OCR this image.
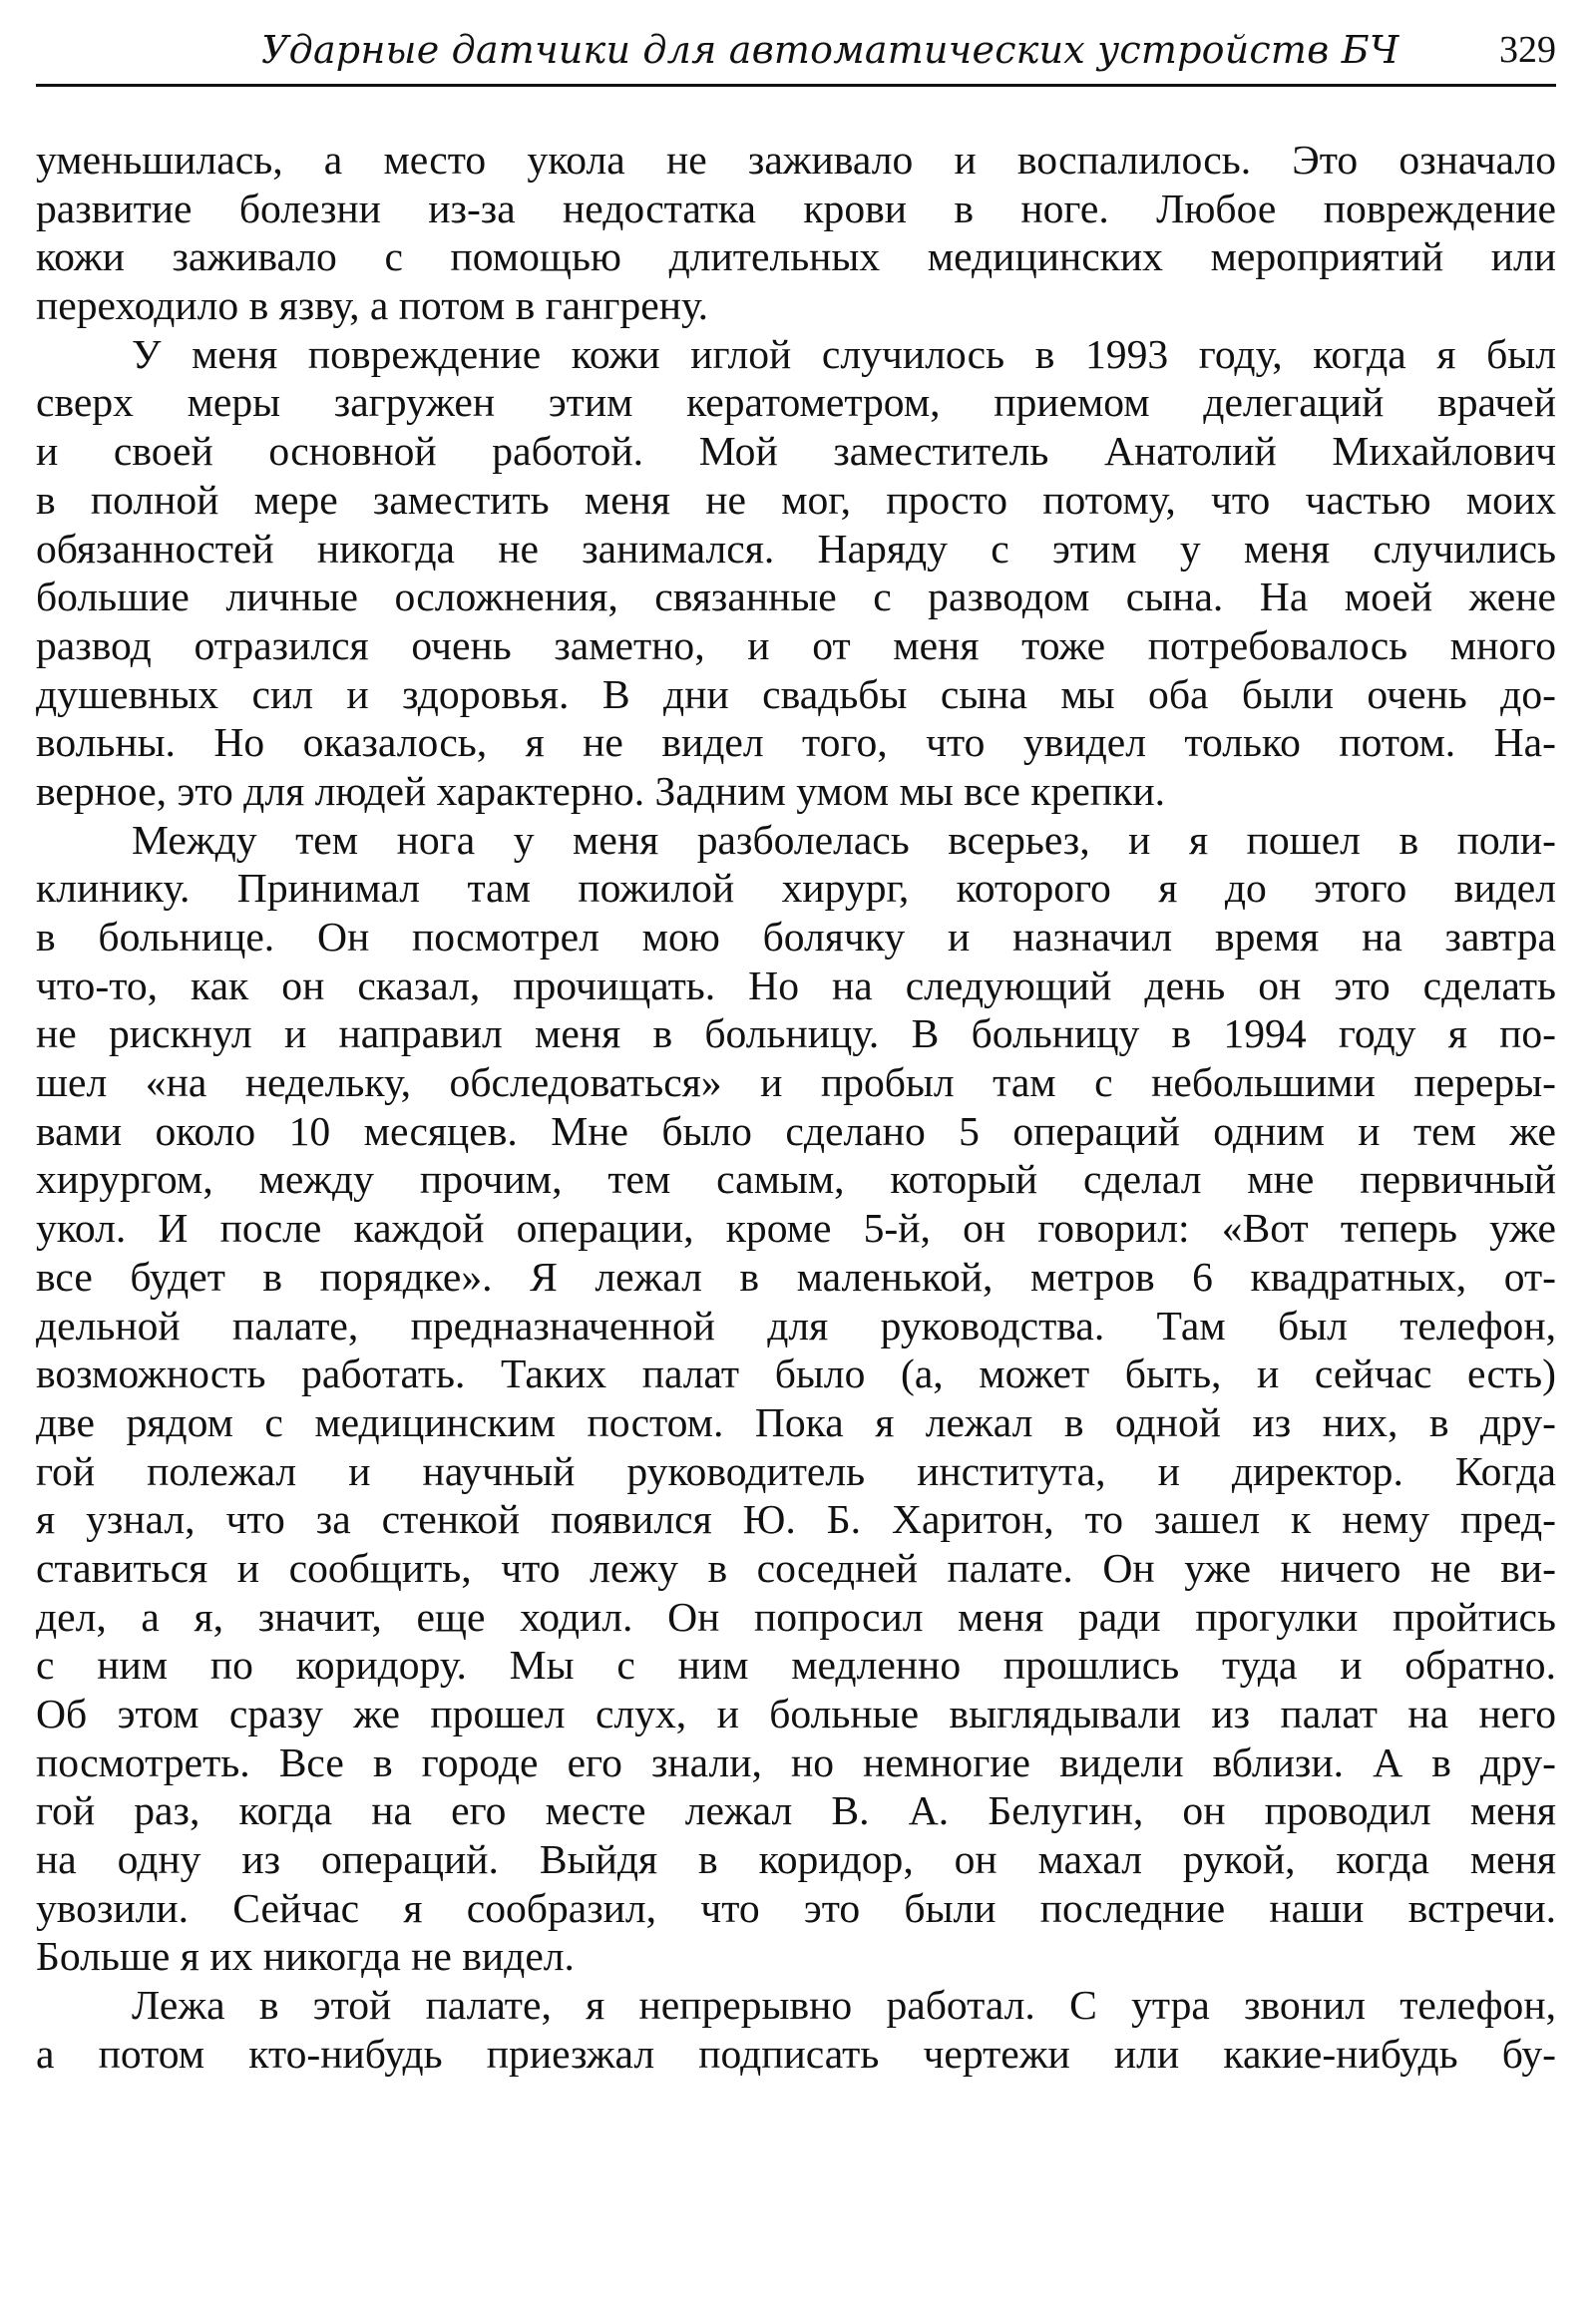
Ударные датчики для автоматических устройств БЧ	329
уменьшилась, а место укола не заживало и воспалилось. Это означало
развитие болезни из-за недостатка крови в ноге. Любое повреждение
кожи заживало с помощью длительных медицинских мероприятий или
переходило в язву, а потом в гангрену.
У меня повреждение кожи иглой случилось в 1993 году, когда я был
сверх меры загружен этим кератометром, приемом делегаций врачей
и своей основной работой. Мой заместитель Анатолий Михайлович
в полной мере заместить меня не мог, просто потому, что частью моих
обязанностей никогда не занимался. Наряду с этим у меня случились
большие личные осложнения, связанные с разводом сына. На моей жене
развод отразился очень заметно, и от меня тоже потребовалось много
душевных сил и здоровья. В дни свадьбы сына мы оба были очень до-
вольны. Но оказалось, я не видел того, что увидел только потом. На-
верное, это для людей характерно. Задним умом мы все крепки.
Между тем нога у меня разболелась всерьез, и я пошел в поли-
клинику. Принимал там пожилой хирург, которого я до этого видел
в больнице. Он посмотрел мою болячку и назначил время на завтра
что-то, как он сказал, прочищать. Но на следующий день он это сделать
не рискнул и направил меня в больницу. В больницу в 1994 году я по-
шел «на недельку, обследоваться» и пробыл там с небольшими переры-
вами около 10 месяцев. Мне было сделано 5 операций одним и тем же
хирургом, между прочим, тем самым, который сделал мне первичный
укол. И после каждой операции, кроме 5-й, он говорил: «Вот теперь уже
все будет в порядке». Я лежал в маленькой, метров 6 квадратных, от-
дельной палате, предназначенной для руководства. Там был телефон,
возможность работать. Таких палат было (а, может быть, и сейчас есть)
две рядом с медицинским постом. Пока я лежал в одной из них, в дру-
гой полежал и научный руководитель института, и директор. Когда
я узнал, что за стенкой появился Ю. Б. Харитон, то зашел к нему пред-
ставиться и сообщить, что лежу в соседней палате. Он уже ничего не ви-
дел, а я, значит, еще ходил. Он попросил меня ради прогулки пройтись
с ним по коридору. Мы с ним медленно прошлись туда и обратно.
Об этом сразу же прошел слух, и больные выглядывали из палат на него
посмотреть. Все в городе его знали, но немногие видели вблизи. А в дру-
гой раз, когда на его месте лежал В. А. Белугин, он проводил меня
на одну из операций. Выйдя в коридор, он махал рукой, когда меня
увозили. Сейчас я сообразил, что это были последние наши встречи.
Больше я их никогда не видел.
Лежа в этой палате, я непрерывно работал. С утра звонил телефон,
а потом кто-нибудь приезжал подписать чертежи или какие-нибудь бу-
